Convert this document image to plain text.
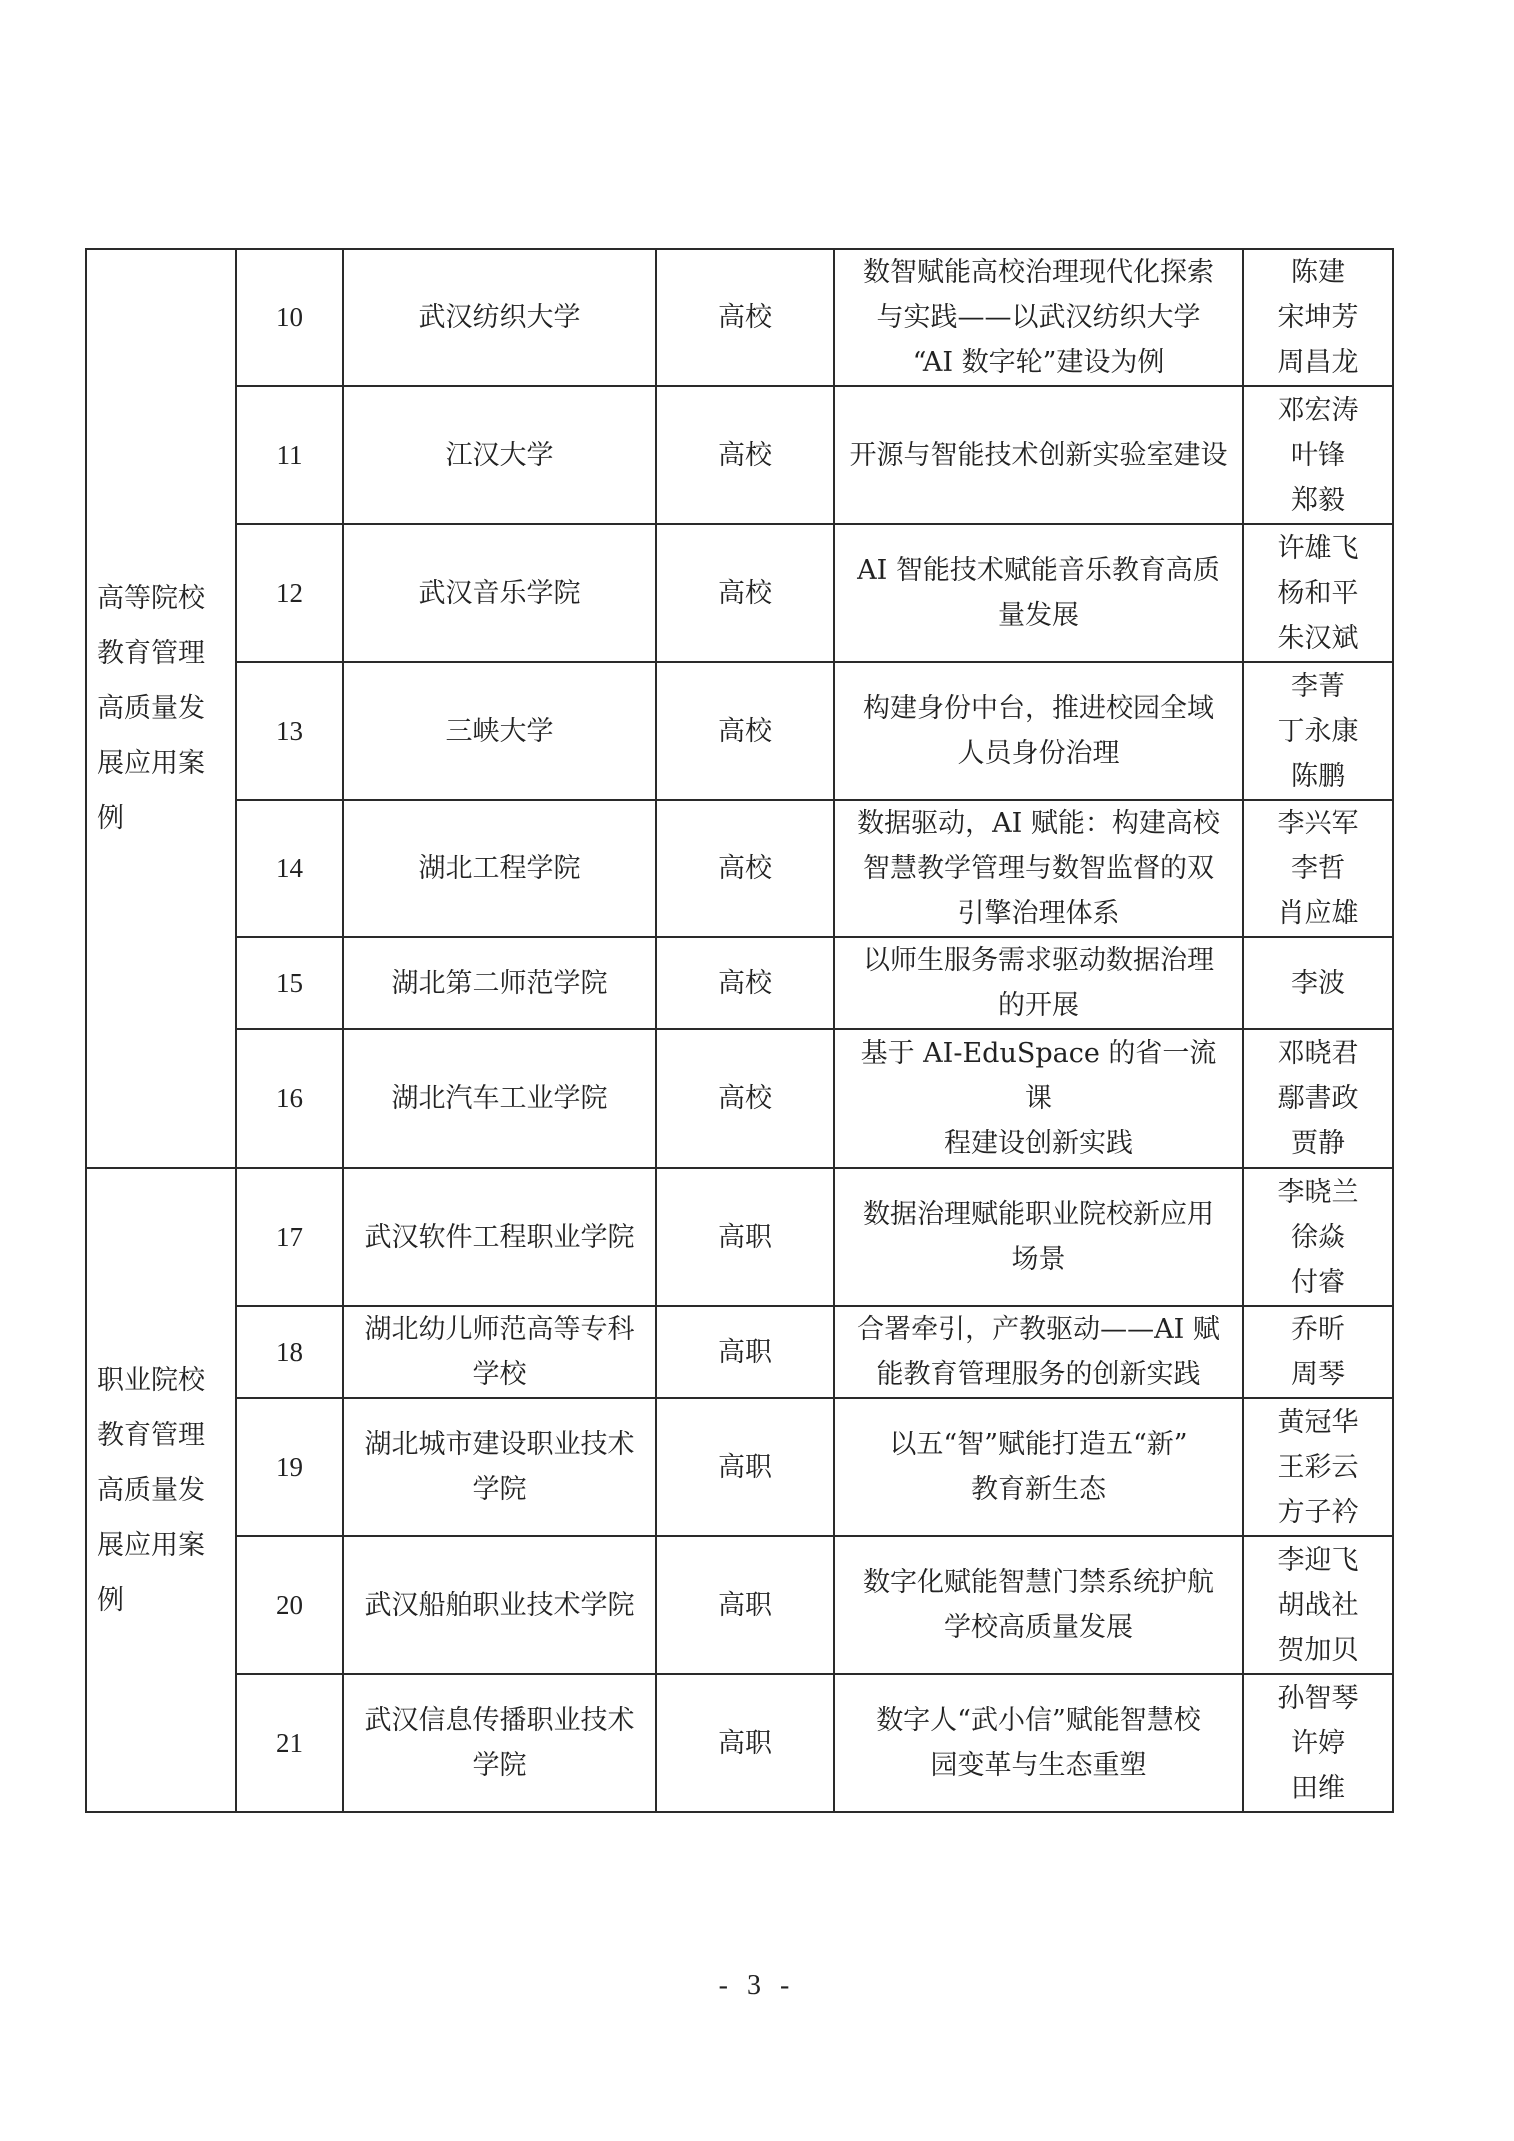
高等院校
教育管理
高质量发
展应用案
例	10	武汉纺织大学	高校	数智赋能高校治理现代化探索
与实践——以武汉纺织大学
“AI 数字轮”建设为例	陈建
宋坤芳
周昌龙

	11	江汉大学	高校	开源与智能技术创新实验室建设	邓宏涛
叶锋
郑毅

	12	武汉音乐学院	高校	AI 智能技术赋能音乐教育高质
量发展	许雄飞
杨和平
朱汉斌

	13	三峡大学	高校	构建身份中台，推进校园全域
人员身份治理	李菁
丁永康
陈鹏

	14	湖北工程学院	高校	数据驱动，AI 赋能：构建高校
智慧教学管理与数智监督的双
引擎治理体系	李兴军
李哲
肖应雄

	15	湖北第二师范学院	高校	以师生服务需求驱动数据治理
的开展	李波

	16	湖北汽车工业学院	高校	基于 AI-EduSpace 的省一流课
程建设创新实践	邓晓君
鄢書政
贾静

职业院校
教育管理
高质量发
展应用案
例	17	武汉软件工程职业学院	高职	数据治理赋能职业院校新应用
场景	李晓兰
徐焱
付睿

	18	湖北幼儿师范高等专科
学校	高职	合署牵引，产教驱动——AI 赋
能教育管理服务的创新实践	乔昕
周琴

	19	湖北城市建设职业技术
学院	高职	以五“智”赋能打造五“新”
教育新生态	黄冠华
王彩云
方子衿

	20	武汉船舶职业技术学院	高职	数字化赋能智慧门禁系统护航
学校高质量发展	李迎飞
胡战社
贺加贝

	21	武汉信息传播职业技术
学院	高职	数字人“武小信”赋能智慧校
园变革与生态重塑	孙智琴
许婷
田维
- 3 -
